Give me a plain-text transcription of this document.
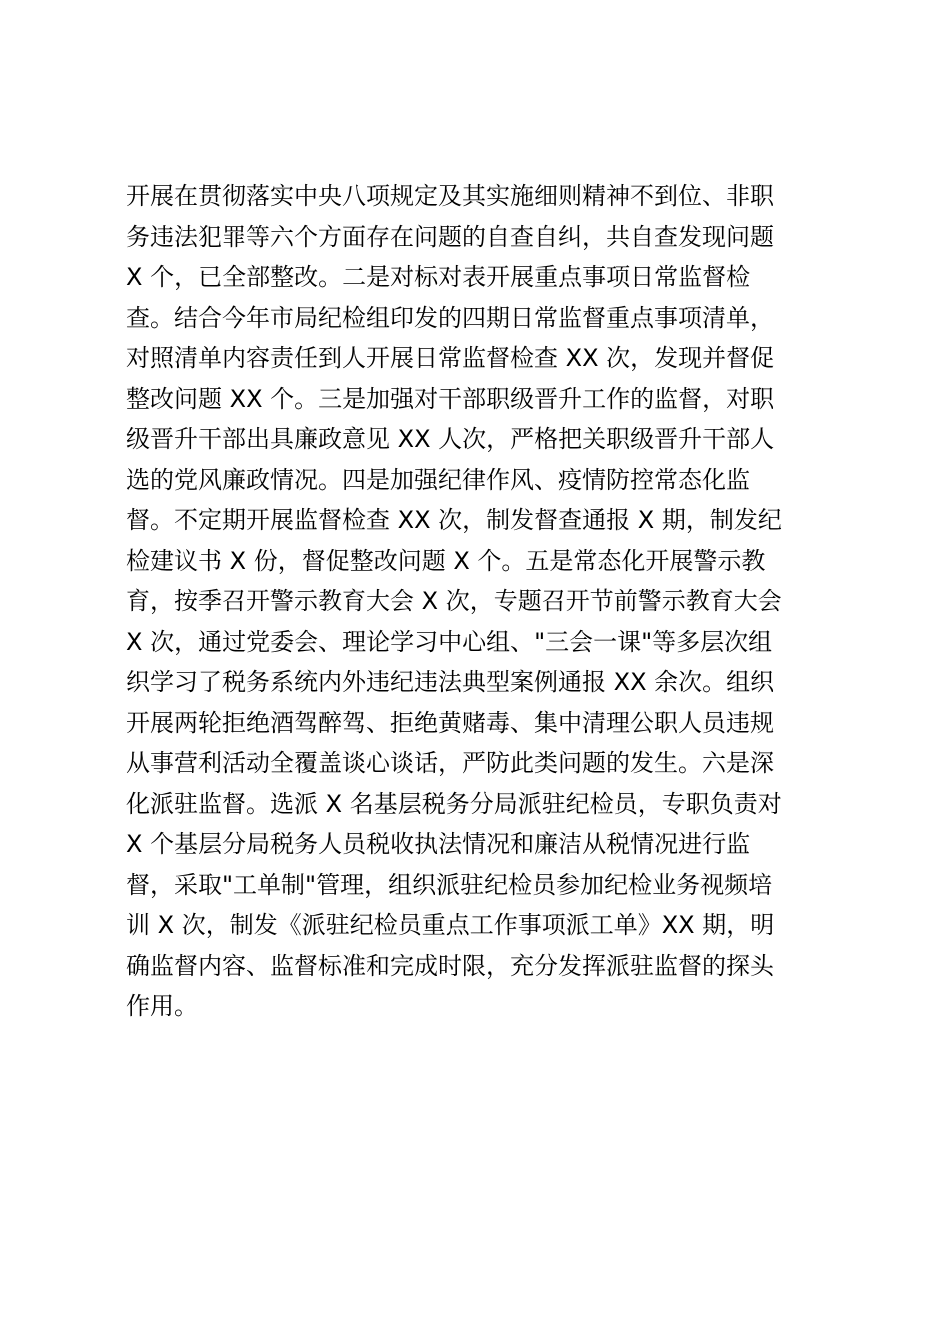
开展在贯彻落实中央八项规定及其实施细则精神不到位、非职
务违法犯罪等六个方面存在问题的自查自纠，共自查发现问题
X 个，已全部整改。二是对标对表开展重点事项日常监督检
查。结合今年市局纪检组印发的四期日常监督重点事项清单，
对照清单内容责任到人开展日常监督检查 XX 次，发现并督促
整改问题 XX 个。三是加强对干部职级晋升工作的监督，对职
级晋升干部出具廉政意见 XX 人次，严格把关职级晋升干部人
选的党风廉政情况。四是加强纪律作风、疫情防控常态化监
督。不定期开展监督检查 XX 次，制发督查通报 X 期，制发纪
检建议书 X 份，督促整改问题 X 个。五是常态化开展警示教
育，按季召开警示教育大会 X 次，专题召开节前警示教育大会
X 次，通过党委会、理论学习中心组、"三会一课"等多层次组
织学习了税务系统内外违纪违法典型案例通报 XX 余次。组织
开展两轮拒绝酒驾醉驾、拒绝黄赌毒、集中清理公职人员违规
从事营利活动全覆盖谈心谈话，严防此类问题的发生。六是深
化派驻监督。选派 X 名基层税务分局派驻纪检员，专职负责对
X 个基层分局税务人员税收执法情况和廉洁从税情况进行监
督，采取"工单制"管理，组织派驻纪检员参加纪检业务视频培
训 X 次，制发《派驻纪检员重点工作事项派工单》XX 期，明
确监督内容、监督标准和完成时限，充分发挥派驻监督的探头
作用。
